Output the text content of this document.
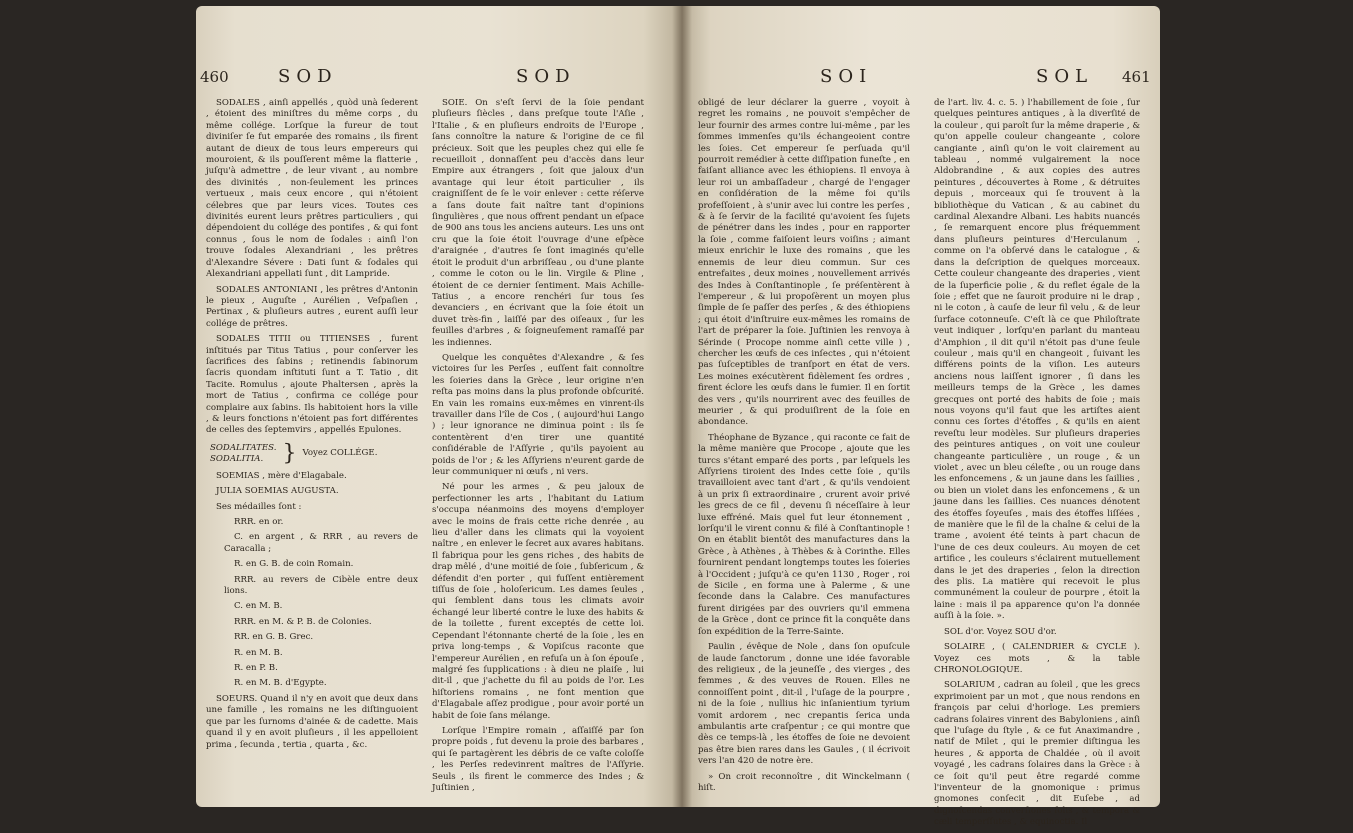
460	SOD	SOD

SODALES , ainſi appellés , quòd unà ſederent , étoient des miniſtres du même corps , du même collége. Lorſque la fureur de tout diviniſer ſe fut emparée des romains , ils firent autant de dieux de tous leurs empereurs qui mouroient, & ils pouſſerent même la flatterie , juſqu'à admettre , de leur vivant , au nombre des divinités , non-ſeulement les princes vertueux , mais ceux encore , qui n'étoient célebres que par leurs vices. Toutes ces divinités eurent leurs prêtres particuliers , qui dépendoient du collége des pontifes , & qui font connus , ſous le nom de ſodales : ainſi l'on trouve ſodales Alexandriani , les prêtres d'Alexandre Sévere : Dati ſunt & ſodales qui Alexandriani appellati ſunt , dit Lampride.

SODALES ANTONIANI , les prêtres d'Antonin le pieux , Auguſte , Aurélien , Veſpaſien , Pertinax , & pluſieurs autres , eurent auſſi leur collége de prêtres.

SODALES TITII ou TITIENSES , furent inſtitués par Titus Tatius , pour conſerver les ſacrifices des ſabins ; retinendis ſabinorum ſacris quondam inſtituti ſunt a T. Tatio , dit Tacite. Romulus , ajoute Phaltersen , après la mort de Tatius , confirma ce collége pour complaire aux ſabins. Ils habitoient hors la ville , & leurs fonctions n'étoient pas fort différentes de celles des ſeptemvirs , appellés Epulones.

SODALITATES.
SODALITIA. } Voyez COLLÉGE.

SOEMIAS , mère d'Elagabale.

JULIA SOEMIAS AUGUSTA.

Ses médailles ſont :

RRR. en or.

C. en argent , & RRR , au revers de Caracalla ;

R. en G. B. de coin Romain.

RRR. au revers de Cibèle entre deux lions.

C. en M. B.

RRR. en M. & P. B. de Colonies.

RR. en G. B. Grec.

R. en M. B.

R. en P. B.

R. en M. B. d'Egypte.

SOEURS. Quand il n'y en avoit que deux dans une famille , les romains ne les diſtinguoient que par les ſurnoms d'ainée & de cadette. Mais quand il y en avoit pluſieurs , il les appelloient prima , ſecunda , tertia , quarta , &c.

SOIE. On s'eſt ſervi de la ſoie pendant pluſieurs ſiècles , dans preſque toute l'Aſie , l'Italie , & en pluſieurs endroits de l'Europe , ſans connoître la nature & l'origine de ce fil précieux. Soit que les peuples chez qui elle ſe recueilloit , donnaſſent peu d'accès dans leur Empire aux étrangers , ſoit que jaloux d'un avantage qui leur étoit particulier , ils craigniſſent de ſe le voir enlever : cette réſerve a ſans doute fait naître tant d'opinions ſingulières , que nous offrent pendant un eſpace de 900 ans tous les anciens auteurs. Les uns ont cru que la ſoie étoit l'ouvrage d'une eſpèce d'araignée , d'autres ſe ſont imaginés qu'elle étoit le produit d'un arbriſſeau , ou d'une plante , comme le coton ou le lin. Virgile & Pline , étoient de ce dernier ſentiment. Mais Achille-Tatius , a encore renchéri ſur tous ſes devanciers , en écrivant que la ſoie étoit un duvet très-fin , laiſſé par des oiſeaux , ſur les feuilles d'arbres , & ſoigneuſement ramaſſé par les indiennes.

Quelque les conquêtes d'Alexandre , & ſes victoires ſur les Perſes , euſſent fait connoître les ſoieries dans la Grèce , leur origine n'en reſta pas moins dans la plus profonde obſcurité. En vain les romains eux-mêmes en vinrent-ils travailler dans l'île de Cos , ( aujourd'hui Lango ) ; leur ignorance ne diminua point : ils ſe contentèrent d'en tirer une quantité conſidérable de l'Aſſyrie , qu'ils payoient au poids de l'or ; & les Aſſyriens n'eurent garde de leur communiquer ni œufs , ni vers.

Né pour les armes , & peu jaloux de perfectionner les arts , l'habitant du Latium s'occupa néanmoins des moyens d'employer avec le moins de frais cette riche denrée , au lieu d'aller dans les climats qui la voyoient naître , en enlever le ſecret aux avares habitans. Il fabriqua pour les gens riches , des habits de drap mêlé , d'une moitié de ſoie , ſubſericum , & défendit d'en porter , qui fuſſent entièrement tiſſus de ſoie , holoſericum. Les dames ſeules , qui ſemblent dans tous les climats avoir échangé leur liberté contre le luxe des habits & de la toilette , furent exceptés de cette loi. Cependant l'étonnante cherté de la ſoie , les en priva long-temps , & Vopiſcus raconte que l'empereur Aurélien , en refuſa un à ſon épouſe , malgré ſes ſupplications : à dieu ne plaiſe , lui dit-il , que j'achette du fil au poids de l'or. Les hiſtoriens romains , ne font mention que d'Elagabale aſſez prodigue , pour avoir porté un habit de ſoie ſans mélange.

Lorſque l'Empire romain , aſſaiſſé par ſon propre poids , fut devenu la proie des barbares , qui ſe partagèrent les débris de ce vaſte coloſſe , les Perſes redevinrent maîtres de l'Aſſyrie. Seuls , ils firent le commerce des Indes ; & Juſtinien ,

SOI	SOL 461

obligé de leur déclarer la guerre , voyoit à regret les romains , ne pouvoit s'empêcher de leur fournir des armes contre lui-même , par les ſommes immenſes qu'ils échangeoient contre les ſoies. Cet empereur ſe perſuada qu'il pourroit remédier à cette diſſipation funeſte , en faiſant alliance avec les éthiopiens. Il envoya à leur roi un ambaſſadeur , chargé de l'engager en conſidération de la même foi qu'ils profeſſoient , à s'unir avec lui contre les perſes , & à ſe ſervir de la facilité qu'avoient ſes ſujets de pénétrer dans les indes , pour en rapporter la ſoie , comme faiſoient leurs voiſins ; aimant mieux enrichir le luxe des romains , que les ennemis de leur dieu commun. Sur ces entrefaites , deux moines , nouvellement arrivés des Indes à Conſtantinople , ſe préſentèrent à l'empereur , & lui propoſèrent un moyen plus ſimple de ſe paſſer des perſes , & des éthiopiens ; qui étoit d'inſtruire eux-mêmes les romains de l'art de préparer la ſoie. Juſtinien les renvoya à Sérinde ( Procope nomme ainſi cette ville ) , chercher les œufs de ces inſectes , qui n'étoient pas ſuſceptibles de tranſport en état de vers. Les moines exécutèrent fidèlement ſes ordres , firent éclore les œufs dans le fumier. Il en ſortit des vers , qu'ils nourrirent avec des feuilles de meurier , & qui produiſirent de la ſoie en abondance.

Théophane de Byzance , qui raconte ce fait de la même manière que Procope , ajoute que les turcs s'étant emparé des ports , par leſquels les Aſſyriens tiroient des Indes cette ſoie , qu'ils travailloient avec tant d'art , & qu'ils vendoient à un prix ſi extraordinaire , crurent avoir privé les grecs de ce fil , devenu ſi néceſſaire à leur luxe effréné. Mais quel fut leur étonnement , lorſqu'il le virent connu & filé à Conſtantinople ! On en établit bientôt des manufactures dans la Grèce , à Athènes , à Thèbes & à Corinthe. Elles fournirent pendant longtemps toutes les ſoieries à l'Occident ; juſqu'à ce qu'en 1130 , Roger , roi de Sicile , en forma une à Palerme , & une ſeconde dans la Calabre. Ces manufactures furent dirigées par des ouvriers qu'il emmena de la Grèce , dont ce prince fit la conquête dans ſon expédition de la Terre-Sainte.

Paulin , évêque de Nole , dans ſon opuſcule de laude ſanctorum , donne une idée favorable des religieux , de la jeuneſſe , des vierges , des femmes , & des veuves de Rouen. Elles ne connoiſſent point , dit-il , l'uſage de la pourpre , ni de la ſoie , nullius hic inſanientium tyrium vomit ardorem , nec crepantis ſerica unda ambulantis arte craſpentur ; ce qui montre que dès ce temps-là , les étoffes de ſoie ne devoient pas être bien rares dans les Gaules , ( il écrivoit vers l'an 420 de notre ère.

» On croit reconnoître , dit Winckelmann ( hiſt.

de l'art. liv. 4. c. 5. ) l'habillement de ſoie , ſur quelques peintures antiques , à la diverſité de la couleur , qui paroît ſur la même draperie , & qu'on appelle couleur changeante , colore cangiante , ainſi qu'on le voit clairement au tableau , nommé vulgairement la noce Aldobrandine , & aux copies des autres peintures , découvertes à Rome , & détruites depuis , morceaux qui ſe trouvent à la bibliothèque du Vatican , & au cabinet du cardinal Alexandre Albani. Les habits nuancés , ſe remarquent encore plus fréquemment dans pluſieurs peintures d'Herculanum , comme on l'a obſervé dans le catalogue , & dans la deſcription de quelques morceaux. Cette couleur changeante des draperies , vient de la ſuperficie polie , & du reflet égale de la ſoie ; effet que ne ſauroit produire ni le drap , ni le coton , à cauſe de leur fil velu , & de leur ſurface cotonneuſe. C'eſt là ce que Philoſtrate veut indiquer , lorſqu'en parlant du manteau d'Amphion , il dit qu'il n'étoit pas d'une ſeule couleur , mais qu'il en changeoit , ſuivant les différens points de la viſion. Les auteurs anciens nous laiſſent ignorer , ſi dans les meilleurs temps de la Grèce , les dames grecques ont porté des habits de ſoie ; mais nous voyons qu'il faut que les artiſtes aient connu ces ſortes d'étoffes , & qu'ils en aient reveſtu leur modèles. Sur pluſieurs draperies des peintures antiques , on voit une couleur changeante particulière , un rouge , & un violet , avec un bleu céleſte , ou un rouge dans les enfoncemens , & un jaune dans les ſaillies , ou bien un violet dans les enfoncemens , & un jaune dans les ſaillies. Ces nuances dénotent des étoffes ſoyeuſes , mais des étoffes liſſées , de manière que le fil de la chaîne & celui de la trame , avoient été teints à part chacun de l'une de ces deux couleurs. Au moyen de cet artifice , les couleurs s'éclairent mutuellement dans le jet des draperies , ſelon la direction des plis. La matière qui recevoit le plus communément la couleur de pourpre , étoit la laine : mais il pa apparence qu'on l'a donnée auſſi à la ſoie. ».

SOL d'or. Voyez SOU d'or.

SOLAIRE , ( CALENDRIER & CYCLE ). Voyez ces mots , & la table CHRONOLOGIQUE.

SOLARIUM , cadran au ſoleil , que les grecs exprimoient par un mot , que nous rendons en françois par celui d'horloge. Les premiers cadrans ſolaires vinrent des Babyloniens , ainſi que l'uſage du ſtyle , & ce fut Anaximandre , natif de Milet , qui le premier diſtingua les heures , & apporta de Chaldée , où il avoit voyagé , les cadrans ſolaires dans la Grèce : à ce ſoit qu'il peut être regardé comme l'inventeur de la gnomonique : primus gnomones conſecit , dit Euſebe , ad dignoſcendas converſiones ſolis , & tempora & cæli temperſſutes , & equinoctia. Il
